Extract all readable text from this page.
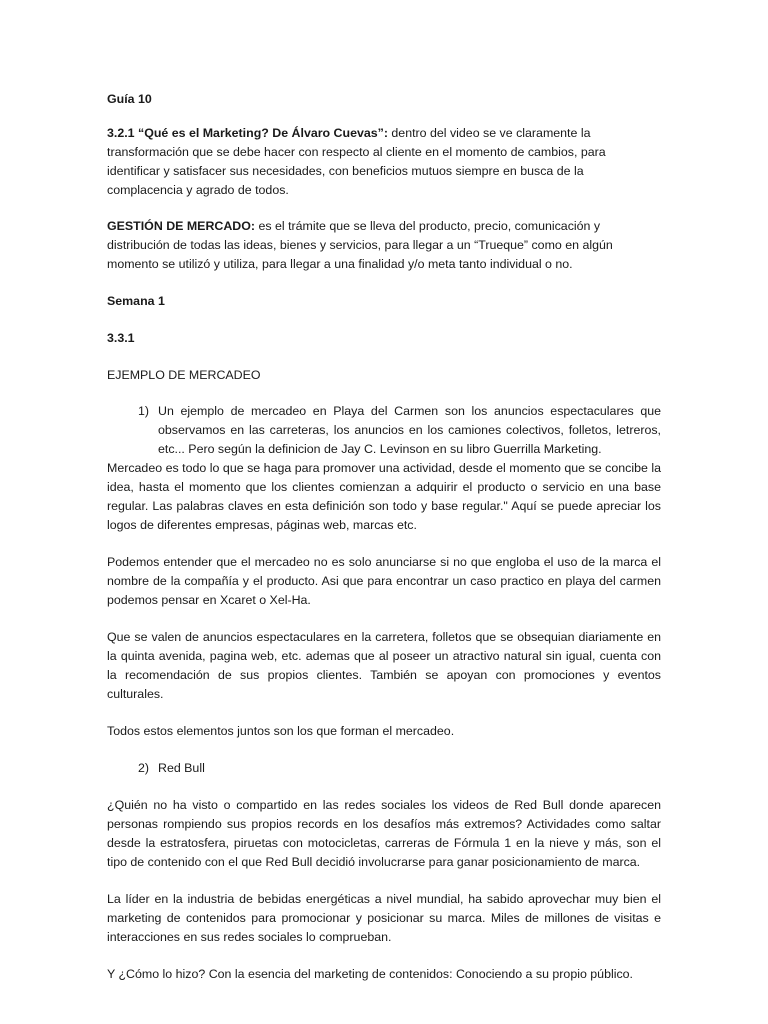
Guía 10

3.2.1 “Qué es el Marketing? De Álvaro Cuevas”: dentro del video se ve claramente la transformación que se debe hacer con respecto al cliente en el momento de cambios, para identificar y satisfacer sus necesidades, con beneficios mutuos siempre en busca de la complacencia y agrado de todos.

GESTIÓN DE MERCADO: es el trámite que se lleva del producto, precio, comunicación y distribución de todas las ideas, bienes y servicios, para llegar a un “Trueque” como en algún momento se utilizó y utiliza, para llegar a una finalidad y/o meta tanto individual o no.

Semana 1

3.3.1

EJEMPLO DE MERCADEO

1) Un ejemplo de mercadeo en Playa del Carmen son los anuncios espectaculares que observamos en las carreteras, los anuncios en los camiones colectivos, folletos, letreros, etc... Pero según la definicion de Jay C. Levinson en su libro Guerrilla Marketing.

Mercadeo es todo lo que se haga para promover una actividad, desde el momento que se concibe la idea, hasta el momento que los clientes comienzan a adquirir el producto o servicio en una base regular. Las palabras claves en esta definición son todo y base regular." Aquí se puede apreciar los logos de diferentes empresas, páginas web, marcas etc.

Podemos entender que el mercadeo no es solo anunciarse si no que engloba el uso de la marca el nombre de la compañía y el producto. Asi que para encontrar un caso practico en playa del carmen podemos pensar en Xcaret o Xel-Ha.

Que se valen de anuncios espectaculares en la carretera, folletos que se obsequian diariamente en la quinta avenida, pagina web, etc. ademas que al poseer un atractivo natural sin igual, cuenta con la recomendación de sus propios clientes. También se apoyan con promociones y eventos culturales.

Todos estos elementos juntos son los que forman el mercadeo.

2) Red Bull

¿Quién no ha visto o compartido en las redes sociales los videos de Red Bull donde aparecen personas rompiendo sus propios records en los desafíos más extremos? Actividades como saltar desde la estratosfera, piruetas con motocicletas, carreras de Fórmula 1 en la nieve y más, son el tipo de contenido con el que Red Bull decidió involucrarse para ganar posicionamiento de marca.

La líder en la industria de bebidas energéticas a nivel mundial, ha sabido aprovechar muy bien el marketing de contenidos para promocionar y posicionar su marca. Miles de millones de visitas e interacciones en sus redes sociales lo comprueban.

Y ¿Cómo lo hizo? Con la esencia del marketing de contenidos: Conociendo a su propio público.
